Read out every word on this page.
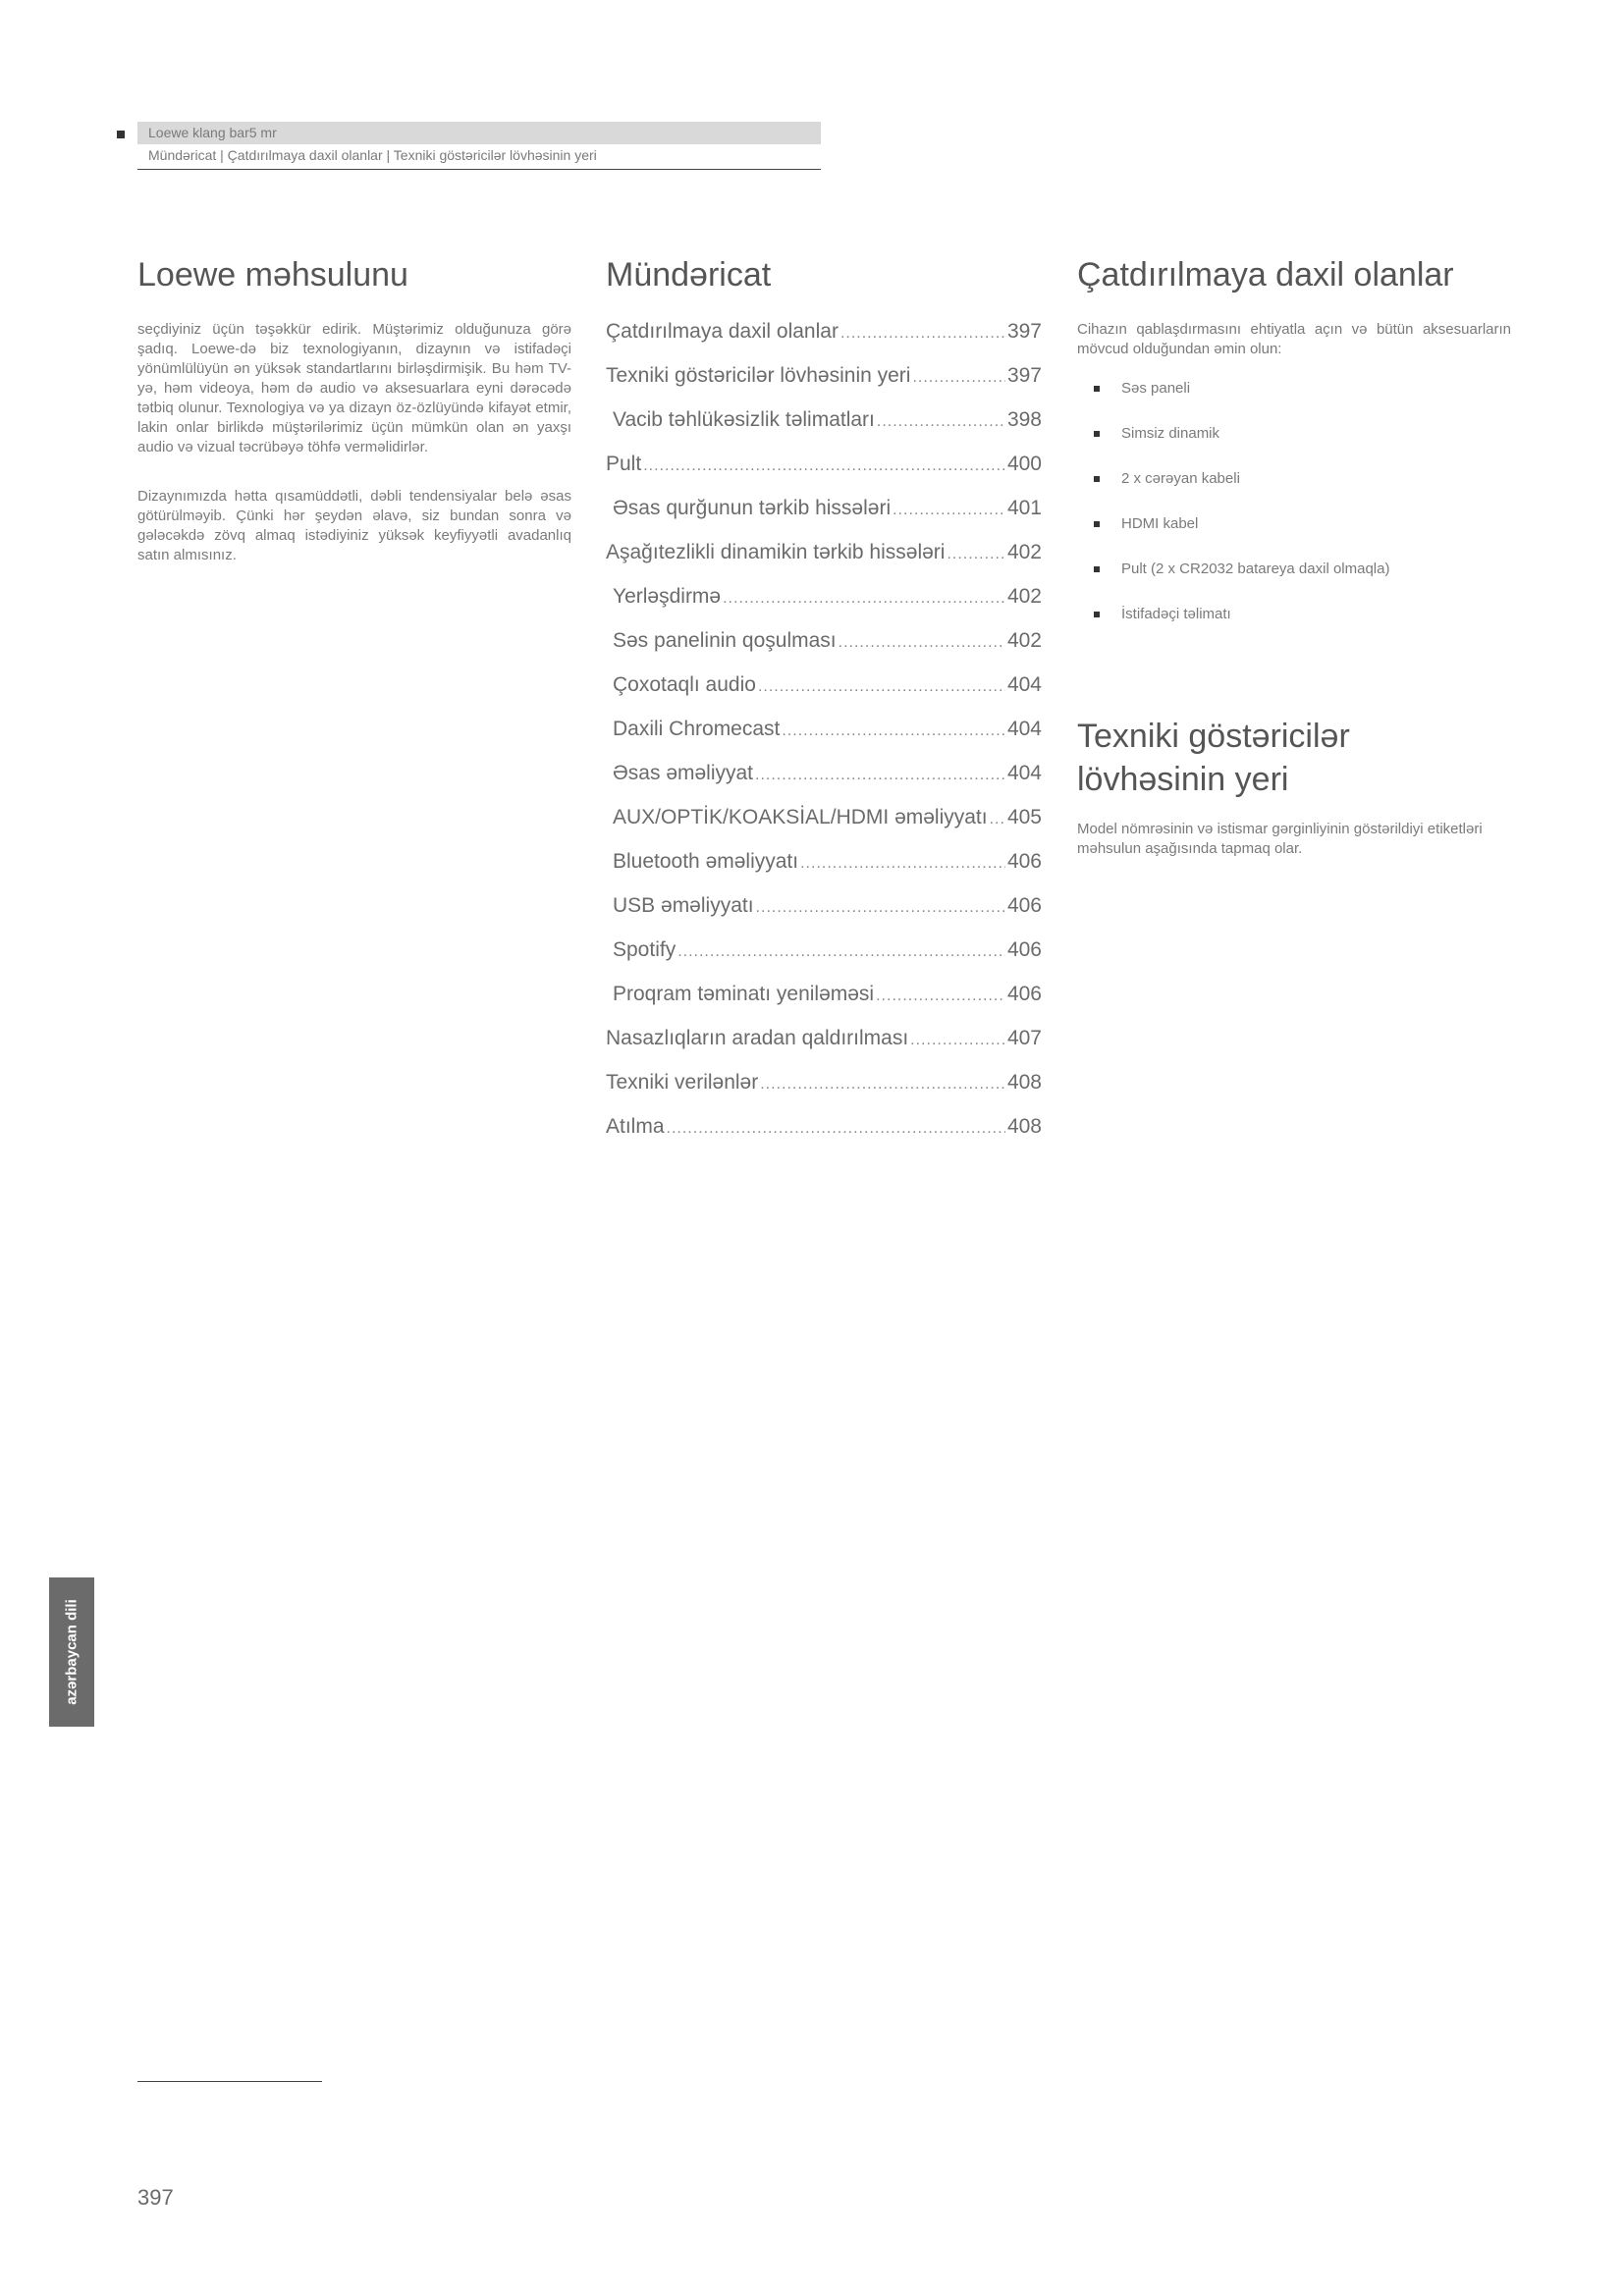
Loewe klang bar5 mr
Mündəricat | Çatdırılmaya daxil olanlar | Texniki göstəricilər lövhəsinin yeri
Loewe məhsulunu

seçdiyiniz üçün təşəkkür edirik. Müştərimiz olduğunuza görə şadıq. Loewe-də biz texnologiyanın, dizaynın və istifadəçi yönümlülüyün ən yüksək standartlarını birləşdirmişik. Bu həm TV-yə, həm videoya, həm də audio və aksesuarlara eyni dərəcədə tətbiq olunur. Texnologiya və ya dizayn öz-özlüyündə kifayət etmir, lakin onlar birlikdə müştərilərimiz üçün mümkün olan ən yaxşı audio və vizual təcrübəyə töhfə verməlidirlər.

Dizaynımızda hətta qısamüddətli, dəbli tendensiyalar belə əsas götürülməyib. Çünki hər şeydən əlavə, siz bundan sonra və gələcəkdə zövq almaq istədiyiniz yüksək keyfiyyətli avadanlıq satın almısınız.

Mündəricat
Çatdırılmaya daxil olanlar .....	397
Texniki göstəricilər lövhəsinin yeri .....	397
Vacib təhlükəsizlik təlimatları .....	398
Pult .....	400
Əsas qurğunun tərkib hissələri .....	401
Aşağıtezlikli dinamikin tərkib hissələri .....	402
Yerləşdirmə .....	402
Səs panelinin qoşulması .....	402
Çoxotaqlı audio .....	404
Daxili Chromecast .....	404
Əsas əməliyyat .....	404
AUX/OPTİK/KOAKSİAL/HDMI əməliyyatı ..... 405
Bluetooth əməliyyatı .....	406
USB əməliyyatı .....	406
Spotify .....	406
Proqram təminatı yeniləməsi .....	406
Nasazlıqların aradan qaldırılması .....	407
Texniki verilənlər .....	408
Atılma .....	408
Çatdırılmaya daxil olanlar
Cihazın qablaşdırmasını ehtiyatla açın və bütün aksesuarların mövcud olduğundan əmin olun:
Səs paneli
Simsiz dinamik
2 x cərəyan kabeli
HDMI kabel
Pult (2 x CR2032 batareya daxil olmaqla)
İstifadəçi təlimatı
Texniki göstəricilər
lövhəsinin yeri
Model nömrəsinin və istismar gərginliyinin göstərildiyi etiketləri məhsulun aşağısında tapmaq olar.
azərbaycan dili
397
